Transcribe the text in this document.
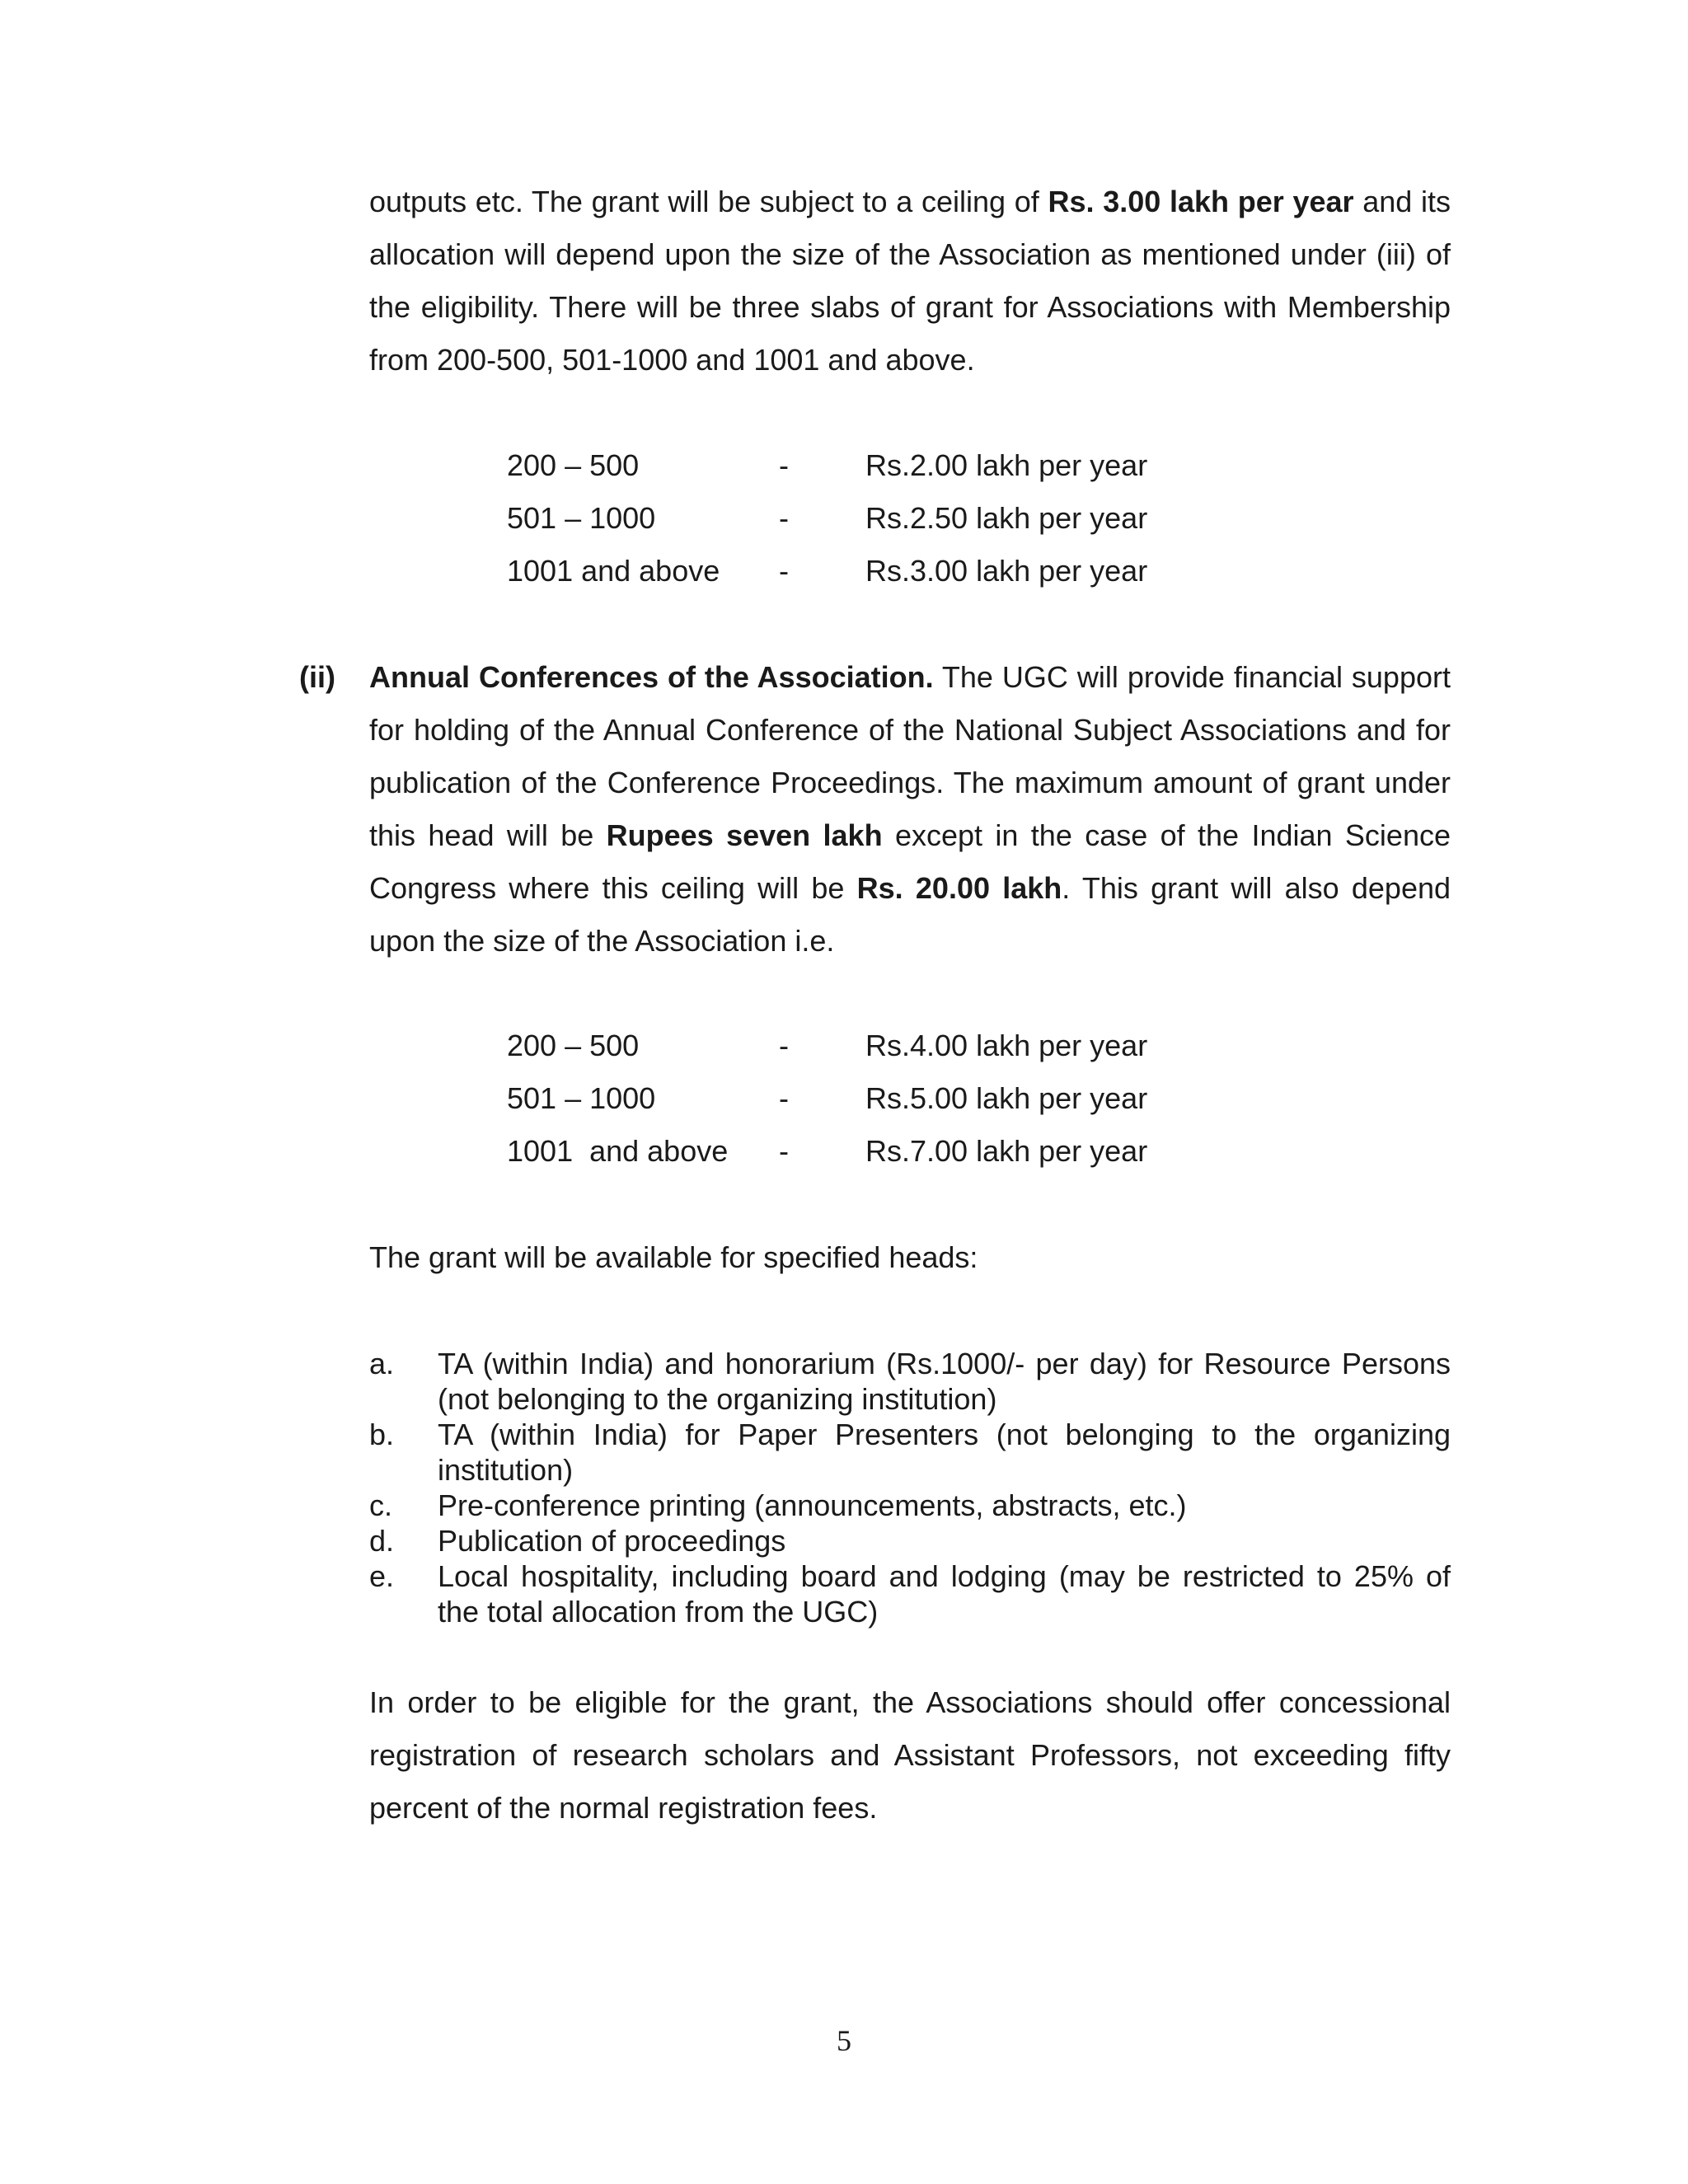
outputs etc. The grant will be subject to a ceiling of Rs. 3.00 lakh per year and its allocation will depend upon the size of the Association as mentioned under (iii) of the eligibility. There will be three slabs of grant for Associations with Membership from 200-500, 501-1000 and 1001 and above.

200 – 500	-	Rs.2.00 lakh per year
501 – 1000	-	Rs.2.50 lakh per year
1001 and above	-	Rs.3.00 lakh per year
(ii) Annual Conferences of the Association. The UGC will provide financial support for holding of the Annual Conference of the National Subject Associations and for publication of the Conference Proceedings. The maximum amount of grant under this head will be Rupees seven lakh except in the case of the Indian Science Congress where this ceiling will be Rs. 20.00 lakh. This grant will also depend upon the size of the Association i.e.

200 – 500	-	Rs.4.00 lakh per year
501 – 1000	-	Rs.5.00 lakh per year
1001  and above	-	Rs.7.00 lakh per year

The grant will be available for specified heads:

a.	TA (within India) and honorarium (Rs.1000/- per day) for Resource Persons (not belonging to the organizing institution)
b.	TA (within India) for Paper Presenters (not belonging to the organizing institution)
c.	Pre-conference printing (announcements, abstracts, etc.)
d.	Publication of proceedings
e.	Local hospitality, including board and lodging (may be restricted to 25% of the total allocation from the UGC)

In order to be eligible for the grant, the Associations should offer concessional registration of research scholars and Assistant Professors, not exceeding fifty percent of the normal registration fees.

5
